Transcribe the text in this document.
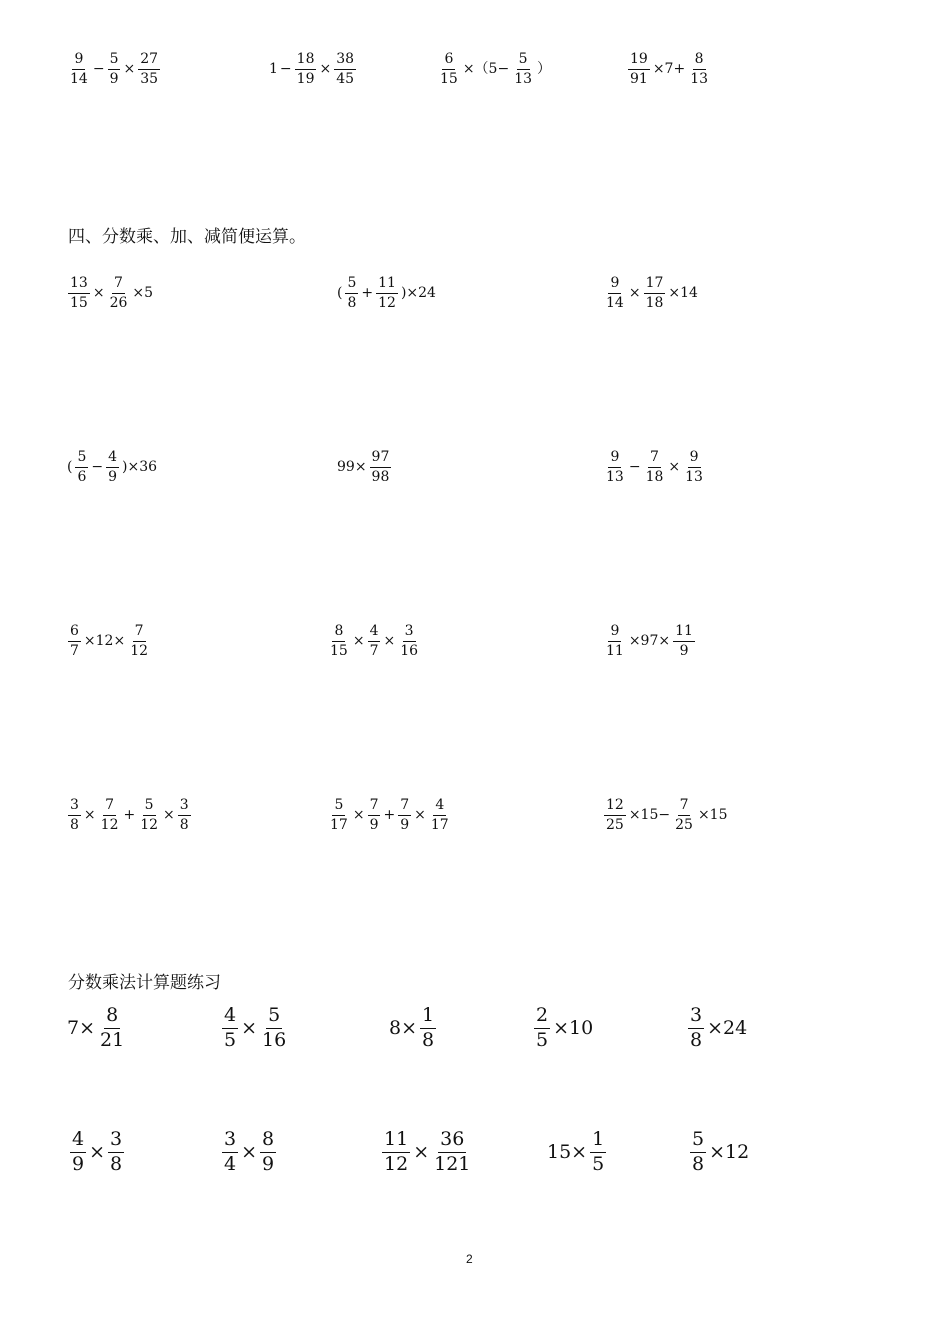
$\frac{9}{14} - \frac{5}{9} \times \frac{27}{35}$	$1 - \frac{18}{19} \times \frac{38}{45}$	$\frac{6}{15} \times(5- \frac{5}{13}$ ）	$\frac{19}{91} \times 7+ \frac{8}{13}$
四、分数乘、加、减简便运算。
$\frac{13}{15} \times \frac{7}{26} \times 5$	( $\frac{5}{8} + \frac{11}{12} )\times 24$	$\frac{9}{14} \times \frac{17}{18} \times 14$
( $\frac{5}{6} - \frac{4}{9} )\times 36$	$99\times \frac{97}{98}$	$\frac{9}{13} - \frac{7}{18} \times \frac{9}{13}$
$\frac{6}{7} \times 12\times \frac{7}{12}$	$\frac{8}{15} \times \frac{4}{7} \times \frac{3}{16}$	$\frac{9}{11} \times 97\times \frac{11}{9}$
$\frac{3}{8} \times \frac{7}{12} + \frac{5}{12} \times \frac{3}{8}$	$\frac{5}{17} \times \frac{7}{9} + \frac{7}{9} \times \frac{4}{17}$	$\frac{12}{25} \times 15- \frac{7}{25} \times 15$
分数乘法计算题练习
$7\times \frac{8}{21}$	$\frac{4}{5} \times \frac{5}{16}$	$8\times \frac{1}{8}$	$\frac{2}{5} \times 10$	$\frac{3}{8} \times 24$
$\frac{4}{9} \times \frac{3}{8}$	$\frac{3}{4} \times \frac{8}{9}$	$\frac{11}{12} \times \frac{36}{121}$	$15\times \frac{1}{5}$	$\frac{5}{8} \times 12$
2
